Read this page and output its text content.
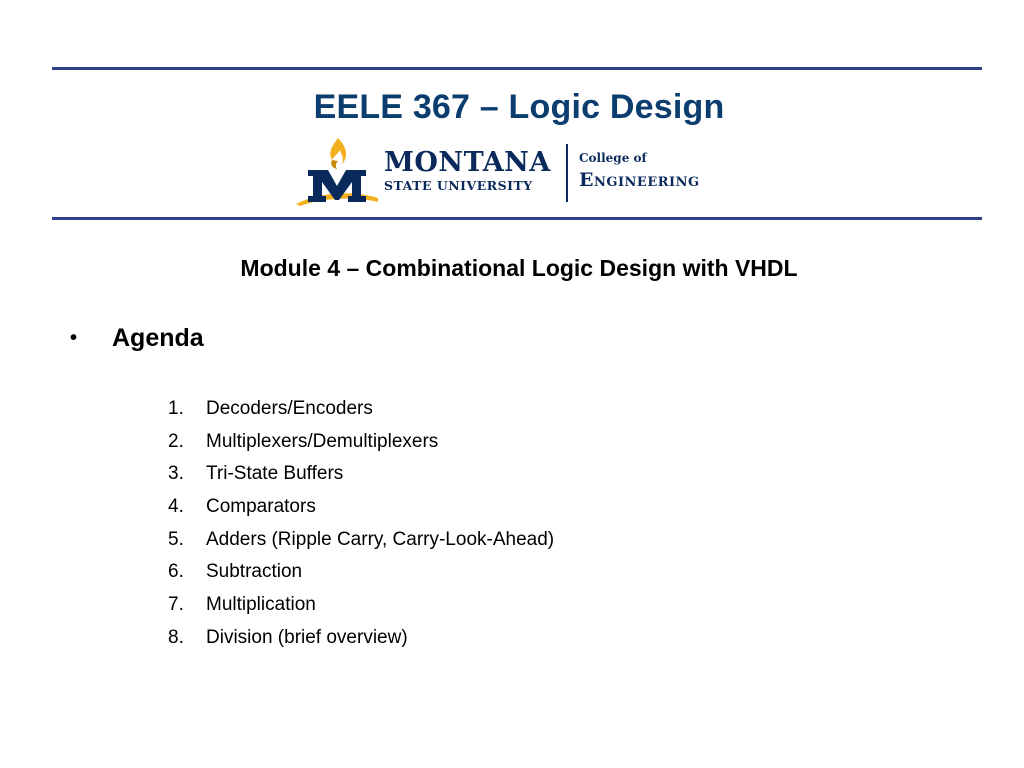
EELE 367 – Logic Design
MONTANA
STATE UNIVERSITY
College of
Engineering
Module 4 – Combinational Logic Design with VHDL
• Agenda
1. Decoders/Encoders
2. Multiplexers/Demultiplexers
3. Tri-State Buffers
4. Comparators
5. Adders (Ripple Carry, Carry-Look-Ahead)
6. Subtraction
7. Multiplication
8. Division (brief overview)
